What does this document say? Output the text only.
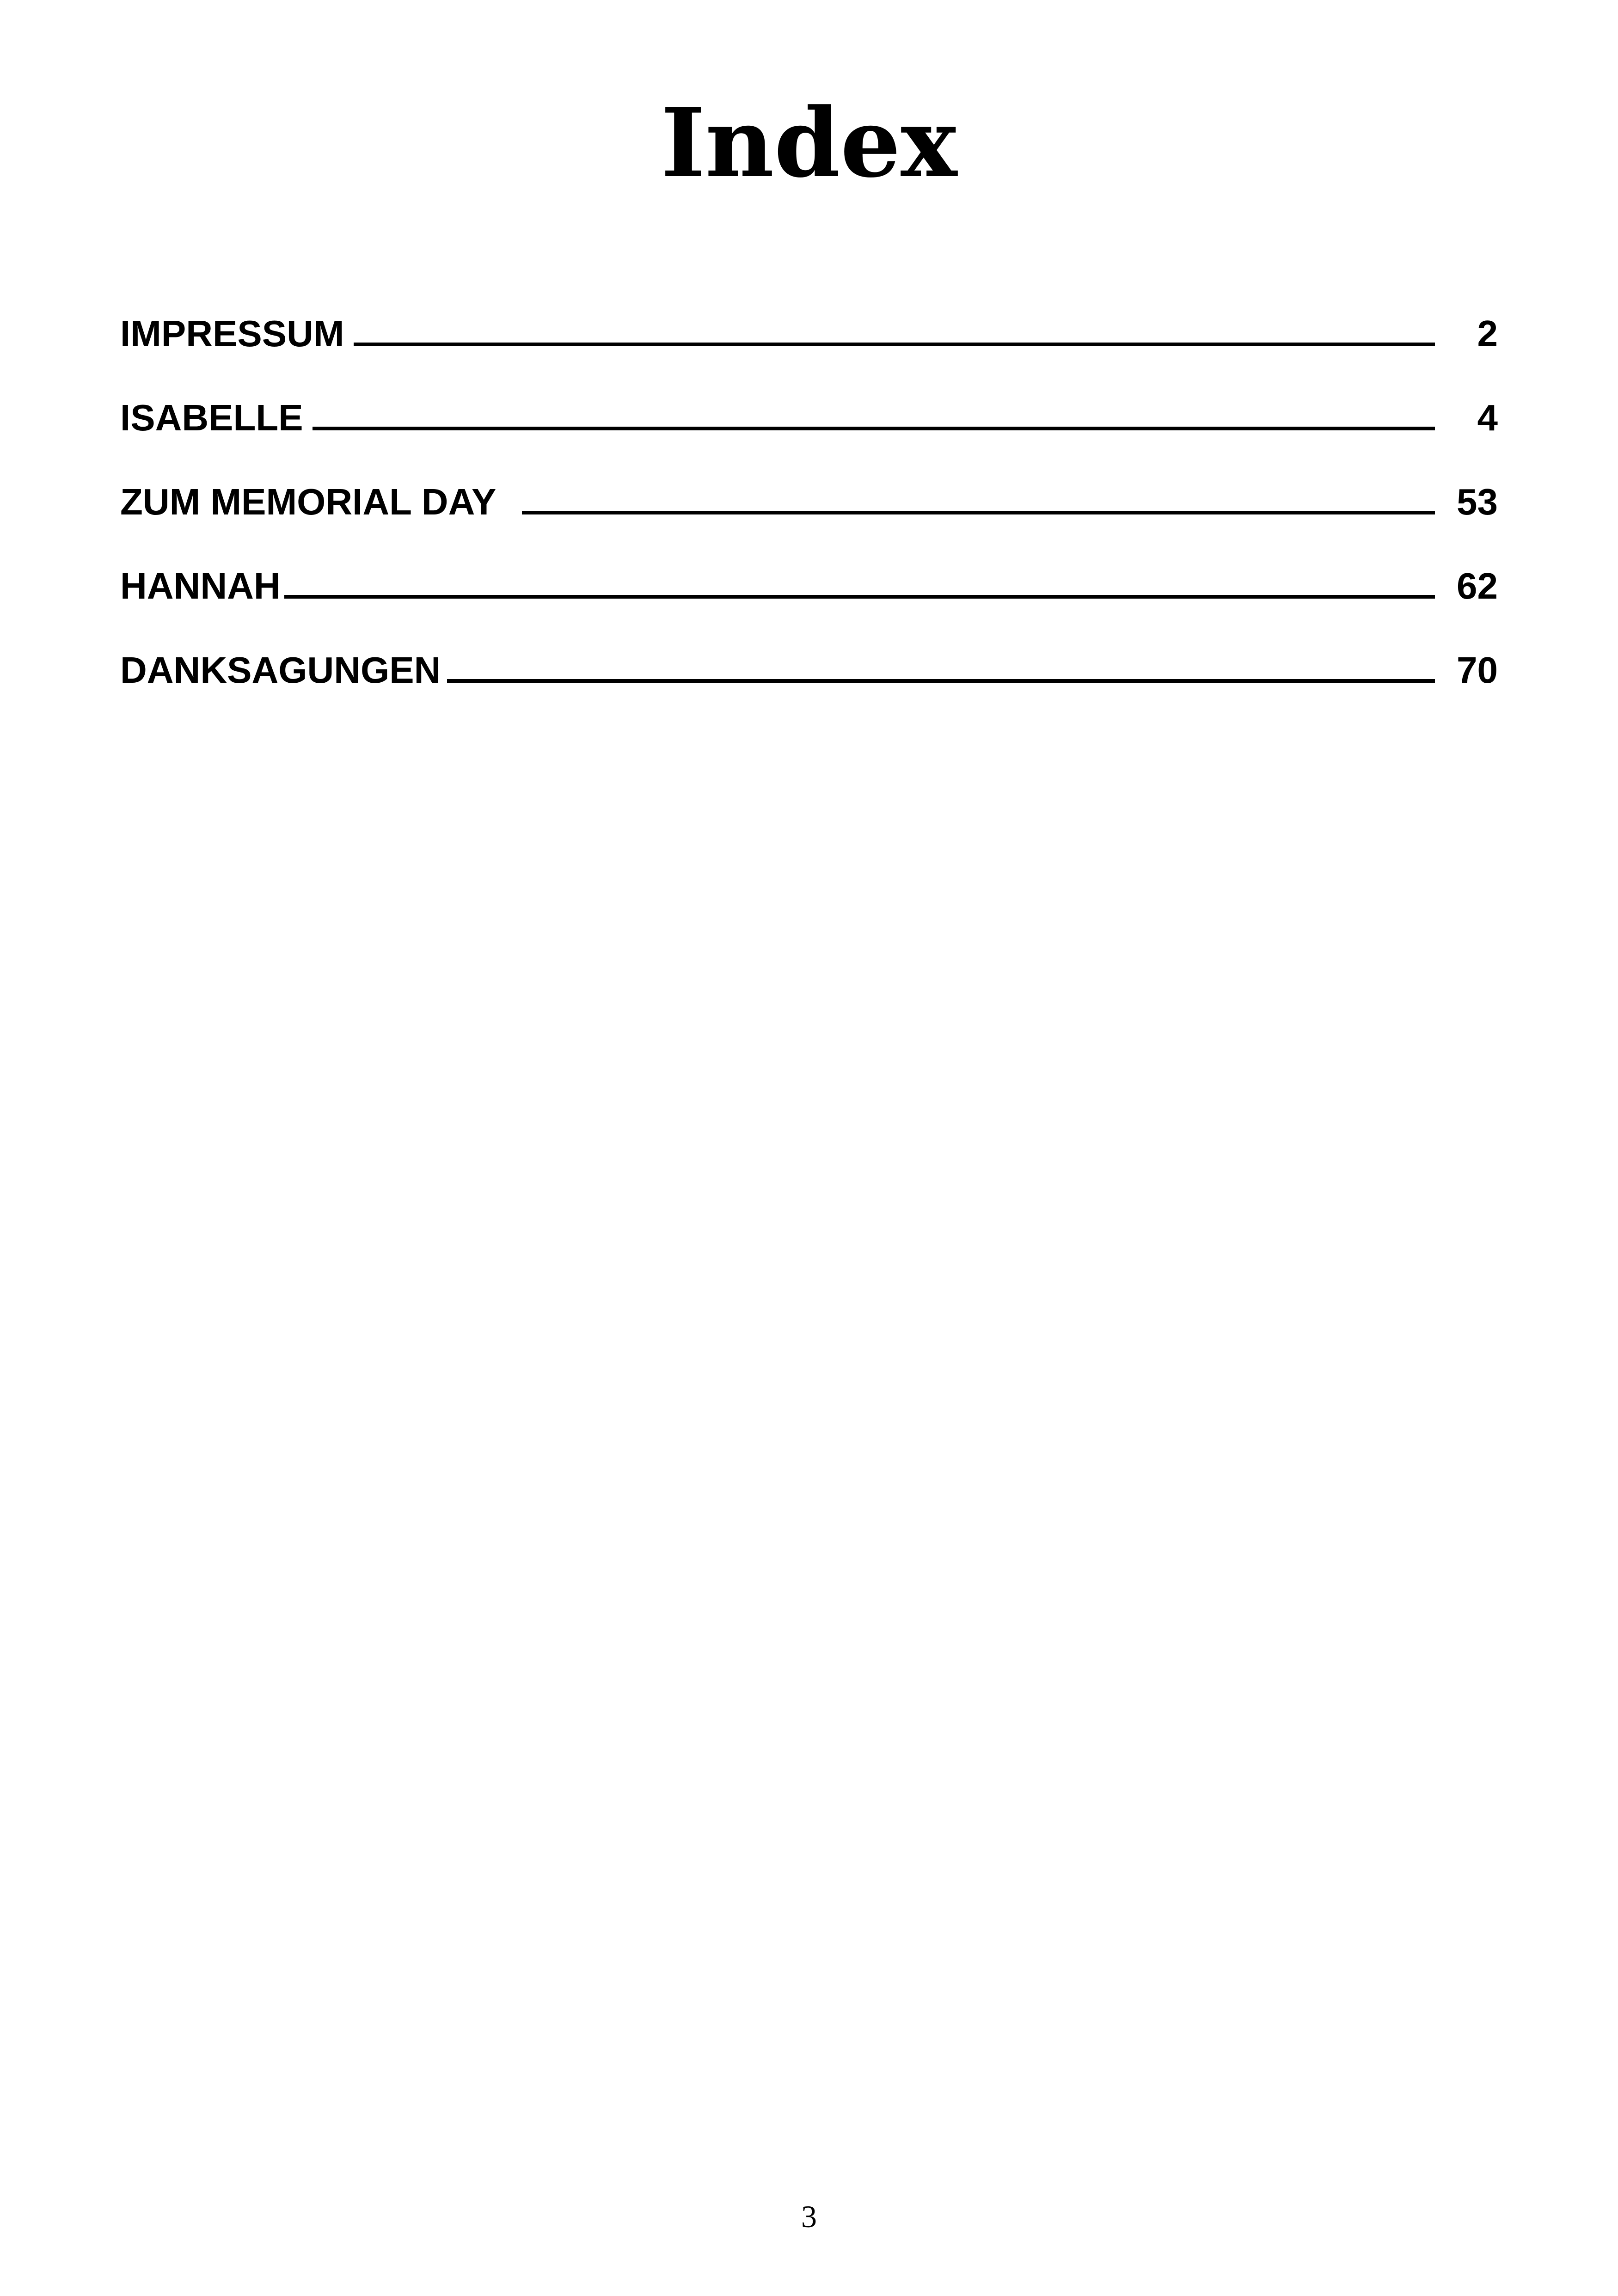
Index
IMPRESSUM	2
ISABELLE	4
ZUM MEMORIAL DAY	53
HANNAH	62
DANKSAGUNGEN	70
3
